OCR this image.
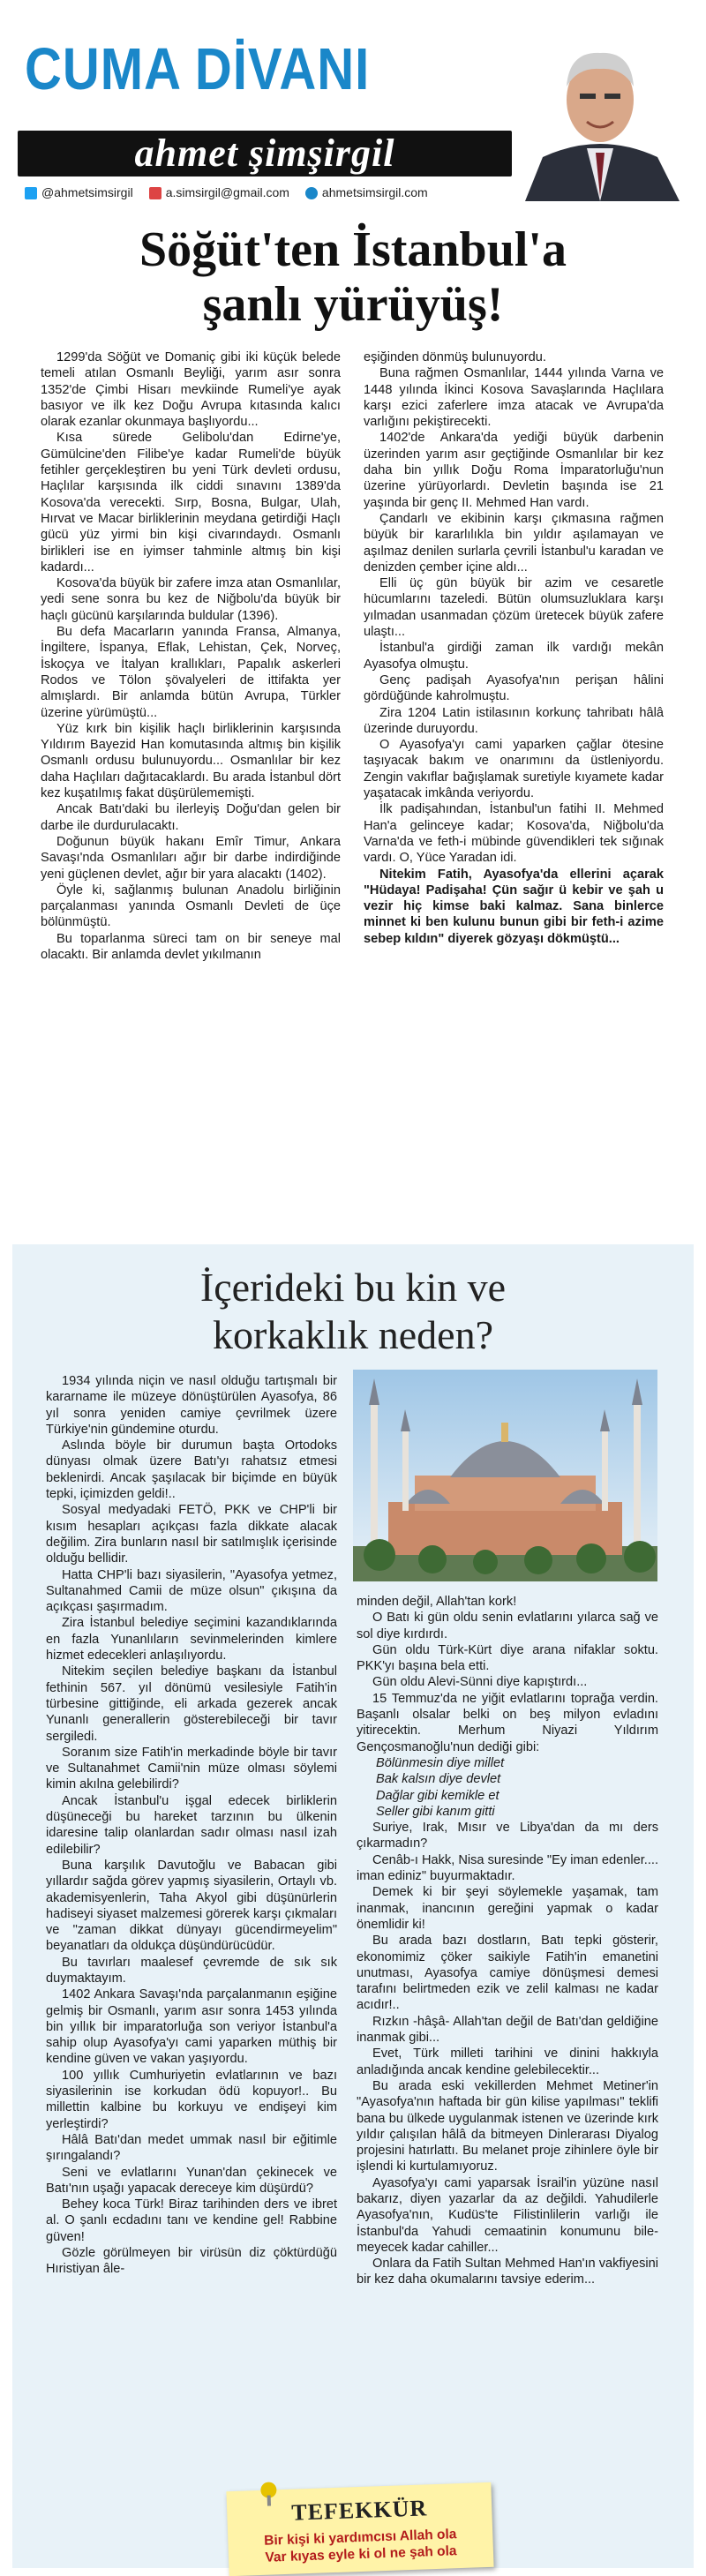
CUMA DİVANI
ahmet şimşirgil
@ahmetsimsirgil	a.simsirgil@gmail.com	ahmetsimsirgil.com
Söğüt'ten İstanbul'a
şanlı yürüyüş!

1299'da Söğüt ve Domaniç gibi iki küçük belede temeli atılan Osmanlı Beyliği, yarım asır sonra 1352'de Çimbi Hisarı mevkiinde Rumeli'ye ayak basıyor ve ilk kez Doğu Avrupa kıtasında kalıcı olarak ezanlar okunmaya başlıyordu...

Kısa sürede Gelibolu'dan Edirne'ye, Gümülcine'den Filibe'ye kadar Rumeli'de büyük fetihler gerçekleştiren bu yeni Türk devleti ordusu, Haçlılar karşısında ilk ciddi sınavını 1389'da Kosova'da verecekti. Sırp, Bosna, Bulgar, Ulah, Hırvat ve Macar birliklerinin meydana getirdiği Haçlı gücü yüz yirmi bin kişi civarındaydı. Osmanlı birlikleri ise en iyimser tahminle altmış bin kişi kadardı...

Kosova'da büyük bir zafere imza atan Osmanlılar, yedi sene sonra bu kez de Niğbolu'da büyük bir haçlı gücünü karşılarında buldular (1396).

Bu defa Macarların yanında Fransa, Almanya, İngiltere, İspanya, Eflak, Lehistan, Çek, Norveç, İskoçya ve İtalyan krallıkları, Papalık askerleri Rodos ve Tölon şövalyeleri de ittifakta yer almışlardı. Bir anlamda bütün Avrupa, Türkler üzerine yürümüştü...

Yüz kırk bin kişilik haçlı birliklerinin karşısında Yıldırım Bayezid Han komutasında altmış bin kişilik Osmanlı ordusu bulunuyordu... Osmanlılar bir kez daha Haçlıları dağıtacaklardı. Bu arada İstanbul dört kez kuşatılmış fakat düşürülememişti.

Ancak Batı'daki bu ilerleyiş Doğu'dan gelen bir darbe ile durdurulacaktı.

Doğunun büyük hakanı Emîr Timur, Ankara Savaşı'nda Osmanlıları ağır bir darbe indirdiğinde yeni güçlenen devlet, ağır bir yara alacaktı (1402).

Öyle ki, sağlanmış bulunan Anadolu birliğinin parçalanması yanında Osmanlı Devleti de üçe bölünmüştü.

Bu toparlanma süreci tam on bir seneye mal olacaktı. Bir anlamda devlet yıkılmanın

eşiğinden dönmüş bulunuyordu.

Buna rağmen Osmanlılar, 1444 yılında Varna ve 1448 yılında İkinci Kosova Savaşlarında Haçlılara karşı ezici zaferlere imza atacak ve Avrupa'da varlığını pekiştirecekti.

1402'de Ankara'da yediği büyük darbenin üzerinden yarım asır geçtiğinde Osmanlılar bir kez daha bin yıllık Doğu Roma İmparatorluğu'nun üzerine yürüyorlardı. Devletin başında ise 21 yaşında bir genç II. Mehmed Han vardı.

Çandarlı ve ekibinin karşı çıkmasına rağmen büyük bir kararlılıkla bin yıldır aşılamayan ve aşılmaz denilen surlarla çevrili İstanbul'u karadan ve denizden çember içine aldı...

Elli üç gün büyük bir azim ve cesaretle hücumlarını tazeledi. Bütün olumsuzluklara karşı yılmadan usanmadan çözüm üretecek büyük zafere ulaştı...

İstanbul'a girdiği zaman ilk vardığı mekân Ayasofya olmuştu.

Genç padişah Ayasofya'nın perişan hâlini gördüğünde kahrolmuştu.

Zira 1204 Latin istilasının korkunç tahribatı hâlâ üzerinde duruyordu.

O Ayasofya'yı cami yaparken çağlar ötesine taşıyacak bakım ve onarımını da üstleniyordu. Zengin vakıflar bağışlamak suretiyle kıyamete kadar yaşatacak imkânda veriyordu.

İlk padişahından, İstanbul'un fatihi II. Mehmed Han'a gelinceye kadar; Kosova'da, Niğbolu'da Varna'da ve feth-i mübinde güvendikleri tek sığınak vardı. O, Yüce Yaradan idi.

Nitekim Fatih, Ayasofya'da ellerini açarak "Hüdaya! Padişaha! Çün sağır ü kebir ve şah u vezir hiç kimse baki kalmaz. Sana binlerce minnet ki ben kulunu bunun gibi bir feth-i azime sebep kıldın" diyerek gözyaşı dökmüştü...

İçerideki bu kin ve
korkaklık neden?

1934 yılında niçin ve nasıl olduğu tartışmalı bir kararname ile müzeye dönüştürülen Ayasofya, 86 yıl sonra yeniden camiye çevrilmek üzere Türkiye'nin gündemine oturdu.

Aslında böyle bir durumun başta Ortodoks dünyası olmak üzere Batı'yı rahatsız etmesi beklenirdi. Ancak şaşılacak bir biçimde en büyük tepki, içimizden geldi!..

Sosyal medyadaki FETÖ, PKK ve CHP'li bir kısım hesapları açıkçası fazla dikkate alacak değilim. Zira bunların nasıl bir satılmışlık içerisinde olduğu bellidir.

Hatta CHP'li bazı siyasilerin, "Ayasofya yetmez, Sultanahmed Camii de müze olsun" çıkışına da açıkçası şaşırmadım.

Zira İstanbul belediye seçimini kazandıklarında en fazla Yunanlıların sevinmelerinden kimlere hizmet edecekleri anlaşılıyordu.

Nitekim seçilen belediye başkanı da İstanbul fethinin 567. yıl dönümü vesilesiyle Fatih'in türbesine gittiğinde, eli arkada gezerek ancak Yunanlı generallerin gösterebileceği bir tavır sergiledi.

Soranım size Fatih'in merkadinde böyle bir tavır ve Sultanahmet Camii'nin müze olması söylemi kimin akılna gelebilirdi?

Ancak İstanbul'u işgal edecek birliklerin düşüneceği bu hareket tarzının bu ülkenin idaresine talip olanlardan sadır olması nasıl izah edilebilir?

Buna karşılık Davutoğlu ve Babacan gibi yıllardır sağda görev yapmış siyasilerin, Ortaylı vb. akademisyenlerin, Taha Akyol gibi düşünürlerin hadiseyi siyaset malzemesi görerek karşı çıkmaları ve "zaman dikkat dünyayı gücendirmeyelim" beyanatları da oldukça düşündürücüdür.

Bu tavırları maalesef çevremde de sık sık duymaktayım.

1402 Ankara Savaşı'nda parçalanmanın eşiğine gelmiş bir Osmanlı, yarım asır sonra 1453 yılında bin yıllık bir imparatorluğa son veriyor İstanbul'a sahip olup Ayasofya'yı cami yaparken müthiş bir kendine güven ve vakan yaşıyordu.

100 yıllık Cumhuriyetin evlatlarının ve bazı siyasilerinin ise korkudan ödü kopuyor!.. Bu millettin kalbine bu korkuyu ve endişeyi kim yerleştirdi?

Hâlâ Batı'dan medet ummak nasıl bir eğitimle şırıngalandı?

Seni ve evlatlarını Yunan'dan çekinecek ve Batı'nın uşağı yapacak dereceye kim düşürdü?

Behey koca Türk! Biraz tarihinden ders ve ibret al. O şanlı ecdadını tanı ve kendine gel! Rabbine güven!

Gözle görülmeyen bir virüsün diz çöktürdüğü Hıristiyan âle-

minden değil, Allah'tan kork!

O Batı ki gün oldu senin evlatlarını yılarca sağ ve sol diye kırdırdı.

Gün oldu Türk-Kürt diye arana nifaklar soktu. PKK'yı başına bela etti.

Gün oldu Alevi-Sünni diye kapıştırdı...

15 Temmuz'da ne yiğit evlatlarını toprağa verdin. Başanlı olsalar belki on beş milyon evladını yitirecektin. Merhum Niyazi Yıldırım Gençosmanoğlu'nun dediği gibi:

Bölünmesin diye millet

Bak kalsın diye devlet

Dağlar gibi kemikle et

Seller gibi kanım gitti

Suriye, Irak, Mısır ve Libya'dan da mı ders çıkarmadın?

Cenâb-ı Hakk, Nisa suresinde "Ey iman edenler.... iman ediniz" buyurmaktadır.

Demek ki bir şeyi söylemekle yaşamak, tam inanmak, inancının gereğini yapmak o kadar önemlidir ki!

Bu arada bazı dostların, Batı tepki gösterir, ekonomimiz çöker saikiyle Fatih'in emanetini unutması, Ayasofya camiye dönüşmesi demesi tarafını belirtmeden ezik ve zelil kalması ne kadar acıdır!..

Rızkın -hâşâ- Allah'tan değil de Batı'dan geldiğine inanmak gibi...

Evet, Türk milleti tarihini ve dinini hakkıyla anladığında ancak kendine gelebilecektir...

Bu arada eski vekillerden Mehmet Metiner'in "Ayasofya'nın haftada bir gün kilise yapılması" teklifi bana bu ülkede uygulanmak istenen ve üzerinde kırk yıldır çalışılan hâlâ da bitmeyen Dinlerarası Diyalog projesini hatırlattı. Bu melanet proje zihinlere öyle bir işlendi ki kurtulamıyoruz.

Ayasofya'yı cami yaparsak İsrail'in yüzüne nasıl bakarız, diyen yazarlar da az değildi. Yahudilerle Ayasofya'nın, Kudüs'te Filistinlilerin varlığı ile İstanbul'da Yahudi cemaatinin konumunu bile-meyecek kadar cahiller...

Onlara da Fatih Sultan Mehmed Han'ın vakfiyesini bir kez daha okumalarını tavsiye ederim...

TEFEKKÜR
Bir kişi ki yardımcısı Allah ola
Var kıyas eyle ki ol ne şah ola
